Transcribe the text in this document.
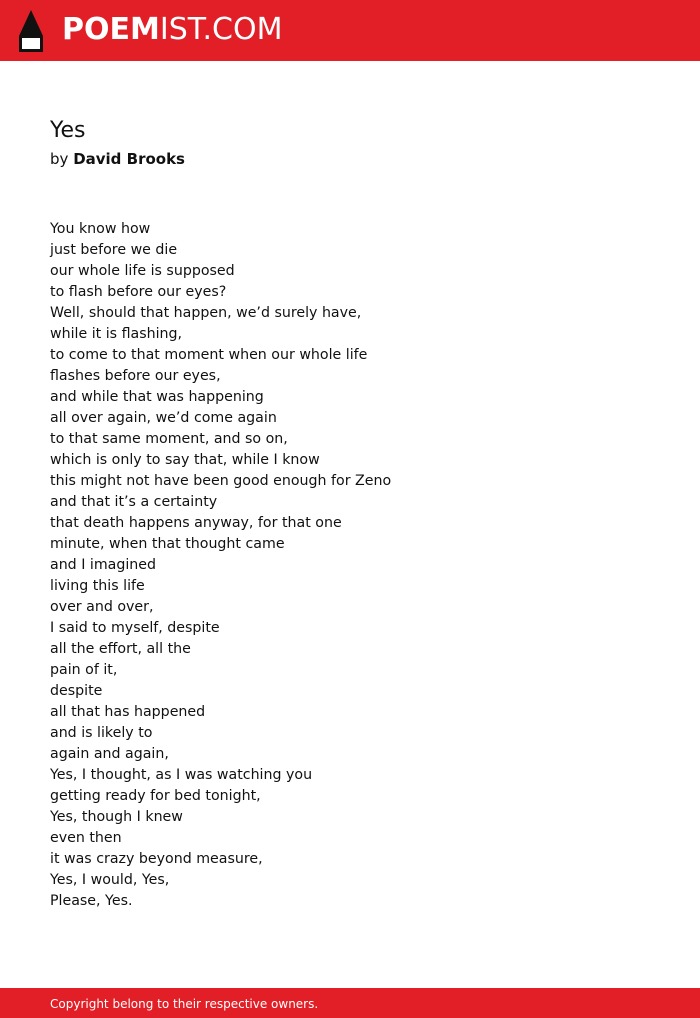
POEMIST.COM
Yes
by David Brooks
You know how
just before we die
our whole life is supposed
to flash before our eyes?
Well, should that happen, we’d surely have,
while it is flashing,
to come to that moment when our whole life
flashes before our eyes,
and while that was happening
all over again, we’d come again
to that same moment, and so on,
which is only to say that, while I know
this might not have been good enough for Zeno
and that it’s a certainty
that death happens anyway, for that one
minute, when that thought came
and I imagined
living this life
over and over,
I said to myself, despite
all the effort, all the
pain of it,
despite
all that has happened
and is likely to
again and again,
Yes, I thought, as I was watching you
getting ready for bed tonight,
Yes, though I knew
even then
it was crazy beyond measure,
Yes, I would, Yes,
Please, Yes.
Copyright belong to their respective owners.
